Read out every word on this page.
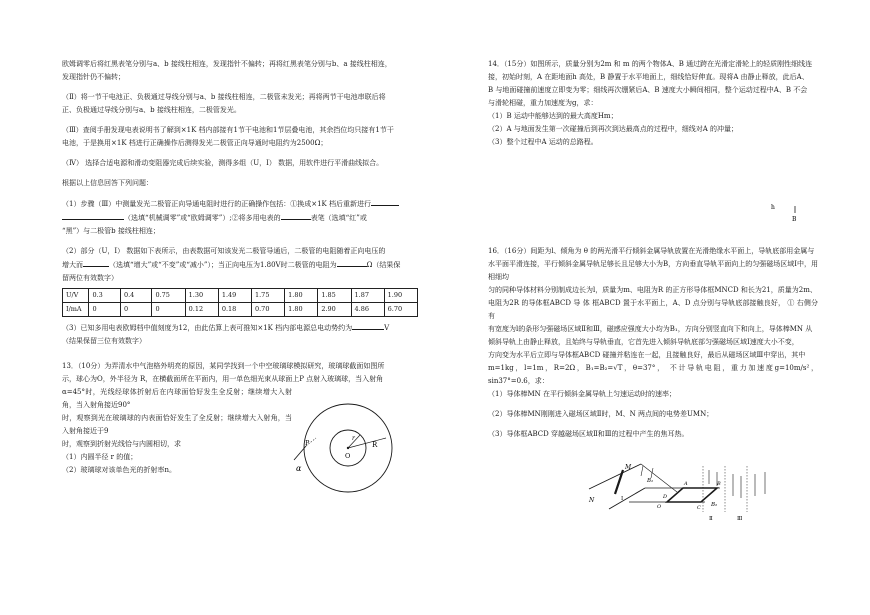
欧姆调零后将红黑表笔分别与a、b 接线柱相连，发现指针不偏转；再将红黑表笔分别与b、a 接线柱相连，

发现指针仍不偏转；

（Ⅱ）将一节干电池正、负极通过导线分别与a、b 接线柱相连，二极管未发光；再将两节干电池串联后将

正、负极通过导线分别与a、b 接线柱相连，二极管发光。

（Ⅲ）查阅手册发现电表说明书了解到×1K 档内部接有1节干电池和1节层叠电池，其余挡位均只接有1节干

电池，于是换用×1K 档进行正确操作后测得发光二极管正向导通时电阻约为2500Ω；

（Ⅳ） 选择合适电源和滑动变阻器完成后续实验，测得多组（U，I） 数据，用软件进行平滑曲线拟合。

根据以上信息回答下列问题：

（1）步骤（Ⅲ）中测量发光二极管正向导通电阻时进行的正确操作包括：①换成×1K 档后重新进行

（选填“机械调零”或“欧姆调零”）;②将多用电表的	表笔（选填“红”或

“黑”）与二极管b 接线柱相连；

（2）部分（U，I） 数据如下表所示，由表数据可知该发光二极管导通后，二极管的电阻随着正向电压的

增大而	（选填“增大”或“不变”或“减小”）；当正向电压为1.80V时二极管的电阻为	Ω（结果保

留两位有效数字）

U/V	0.3	0.4	0.75	1.30	1.49	1.75	1.80	1.85	1.87	1.90
I/mA	0	0	0	0.12	0.18	0.70	1.80	2.90	4.86	6.70

（3）已知多用电表欧姆档中值刻度为12，由此估算上表可推知×1K 档内部电源总电动势约为	V

（结果保留三位有效数字）

13．（10分）为弄清水中气泡格外明亮的原因，某同学找到一个中空玻璃球模拟研究，玻璃球截面如图所

示，球心为O，外半径为 R，在横截面所在平面内，用一单色细光束从球面上P 点射入玻璃球，当入射角

α=45°时，光线经球体折射后在内球面恰好发生全反射；继续增大入射角，当入射角接近90°

时，观察到光在玻璃球的内表面恰好发生了全反射；继续增大入射角，当入射角接近于9

时，观察到折射光线恰与内圆相切，求

（1）内圆半径 r 的值；

（2）玻璃球对该单色光的折射率n。	α
P
r
R
O

14．（15分）如图所示，质量分别为2m 和 m 的两个物体A、B 通过跨在光滑定滑轮上的轻质刚性细线连

接，初始时刻，A 在距地面h 高处，B 静置于水平地面上，细线恰好伸直。现将A 由静止释放，此后A、

B 与地面碰撞前速度立即变为零；细线再次绷紧后A、B 速度大小瞬间相同，整个运动过程中A、B 不会

与滑轮相碰，重力加速度为g，求：

（1）B 运动中能够达到的最大高度Hm；

（2）A 与地面发生第一次碰撞后到再次到达最高点的过程中，细线对A 的冲量；

（3）整个过程中A 运动的总路程。

16．（16分）间距为l、倾角为 θ 的两光滑平行倾斜金属导轨放置在光滑绝缘水平面上，导轨底部用金属与

水平面平滑连接，平行倾斜金属导轨足够长且足够大小为B，方向垂直导轨平面向上的匀强磁场区域Ⅰ中，用相细均

匀的同种导体材料分别制成边长为l，质量为m、电阻为R 的正方形导体框MNCD 和长为21，质量为2m、

电阻为2R 的导体框ABCD 导 体 框ABCD 置于水平面上，A、D 点分别与导轨底部接触良好， ① 右侧分有

有宽度为l的条形匀强磁场区域Ⅱ和Ⅲ，磁感应强度大小均为B₁，方向分别竖直向下和向上，导体棒MN 从

倾斜导轨上由静止释放，且始终与导轨垂直，它首先进入倾斜导轨底部匀强磁场区域Ⅰ速度大小不变，

方向变为水平后立即与导体框ABCD 碰撞并粘连在一起，且接触良好，最后从磁场区域Ⅲ中穿出，其中

m=1kg，l=1m，R=2Ω，B₁=B₂=√T，θ=37°， 不计导轨电阻，重力加速度g=10m/s²，sin37°=0.6，求：

（1）导体棒MN 在平行倾斜金属导轨上匀速运动时的速率；

（2）导体棒MN刚刚进入磁场区域Ⅱ时，M、N 两点间的电势差UMN；

（3）导体框ABCD 穿越磁场区域Ⅱ和Ⅲ的过程中产生的焦耳热。

h
B
M
N
B₁
Ⅰ	D
O	C
A	B
B₂
Ⅱ	Ⅲ
